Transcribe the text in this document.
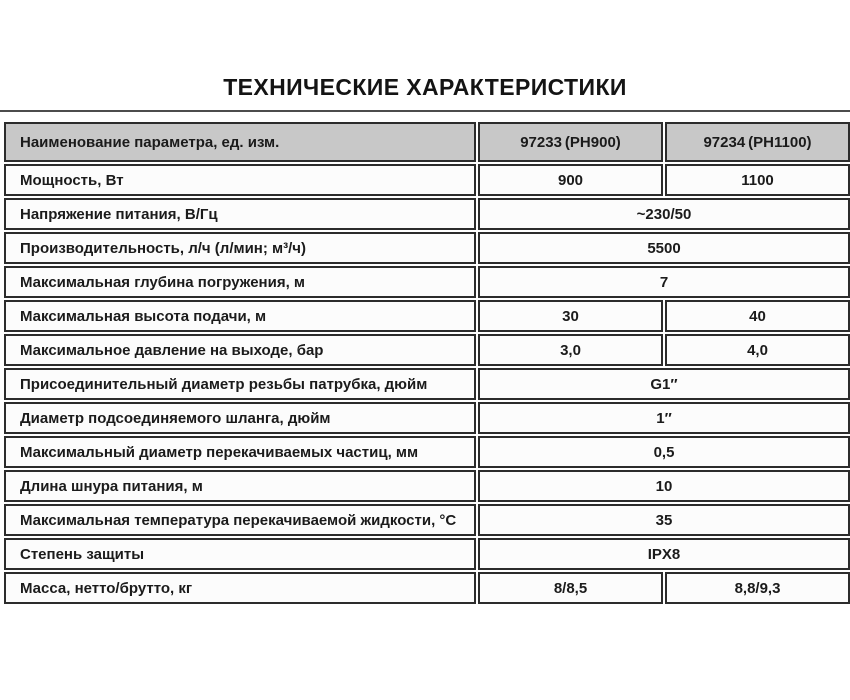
ТЕХНИЧЕСКИЕ ХАРАКТЕРИСТИКИ
Наименование параметра, ед. изм.	97233 (PH900)	97234 (PH1100)
Мощность, Вт	900	1100
Напряжение питания, В/Гц	~230/50	
Производительность, л/ч (л/мин; м³/ч)	5500	
Максимальная глубина погружения, м	7	
Максимальная высота подачи, м	30	40
Максимальное давление на выходе, бар	3,0	4,0
Присоединительный диаметр резьбы патрубка, дюйм	G1″	
Диаметр подсоединяемого шланга, дюйм	1″	
Максимальный диаметр перекачиваемых частиц, мм	0,5	
Длина шнура питания, м	10	
Максимальная температура перекачиваемой жидкости, °С	35	
Степень защиты	IPX8	
Масса, нетто/брутто, кг	8/8,5	8,8/9,3
